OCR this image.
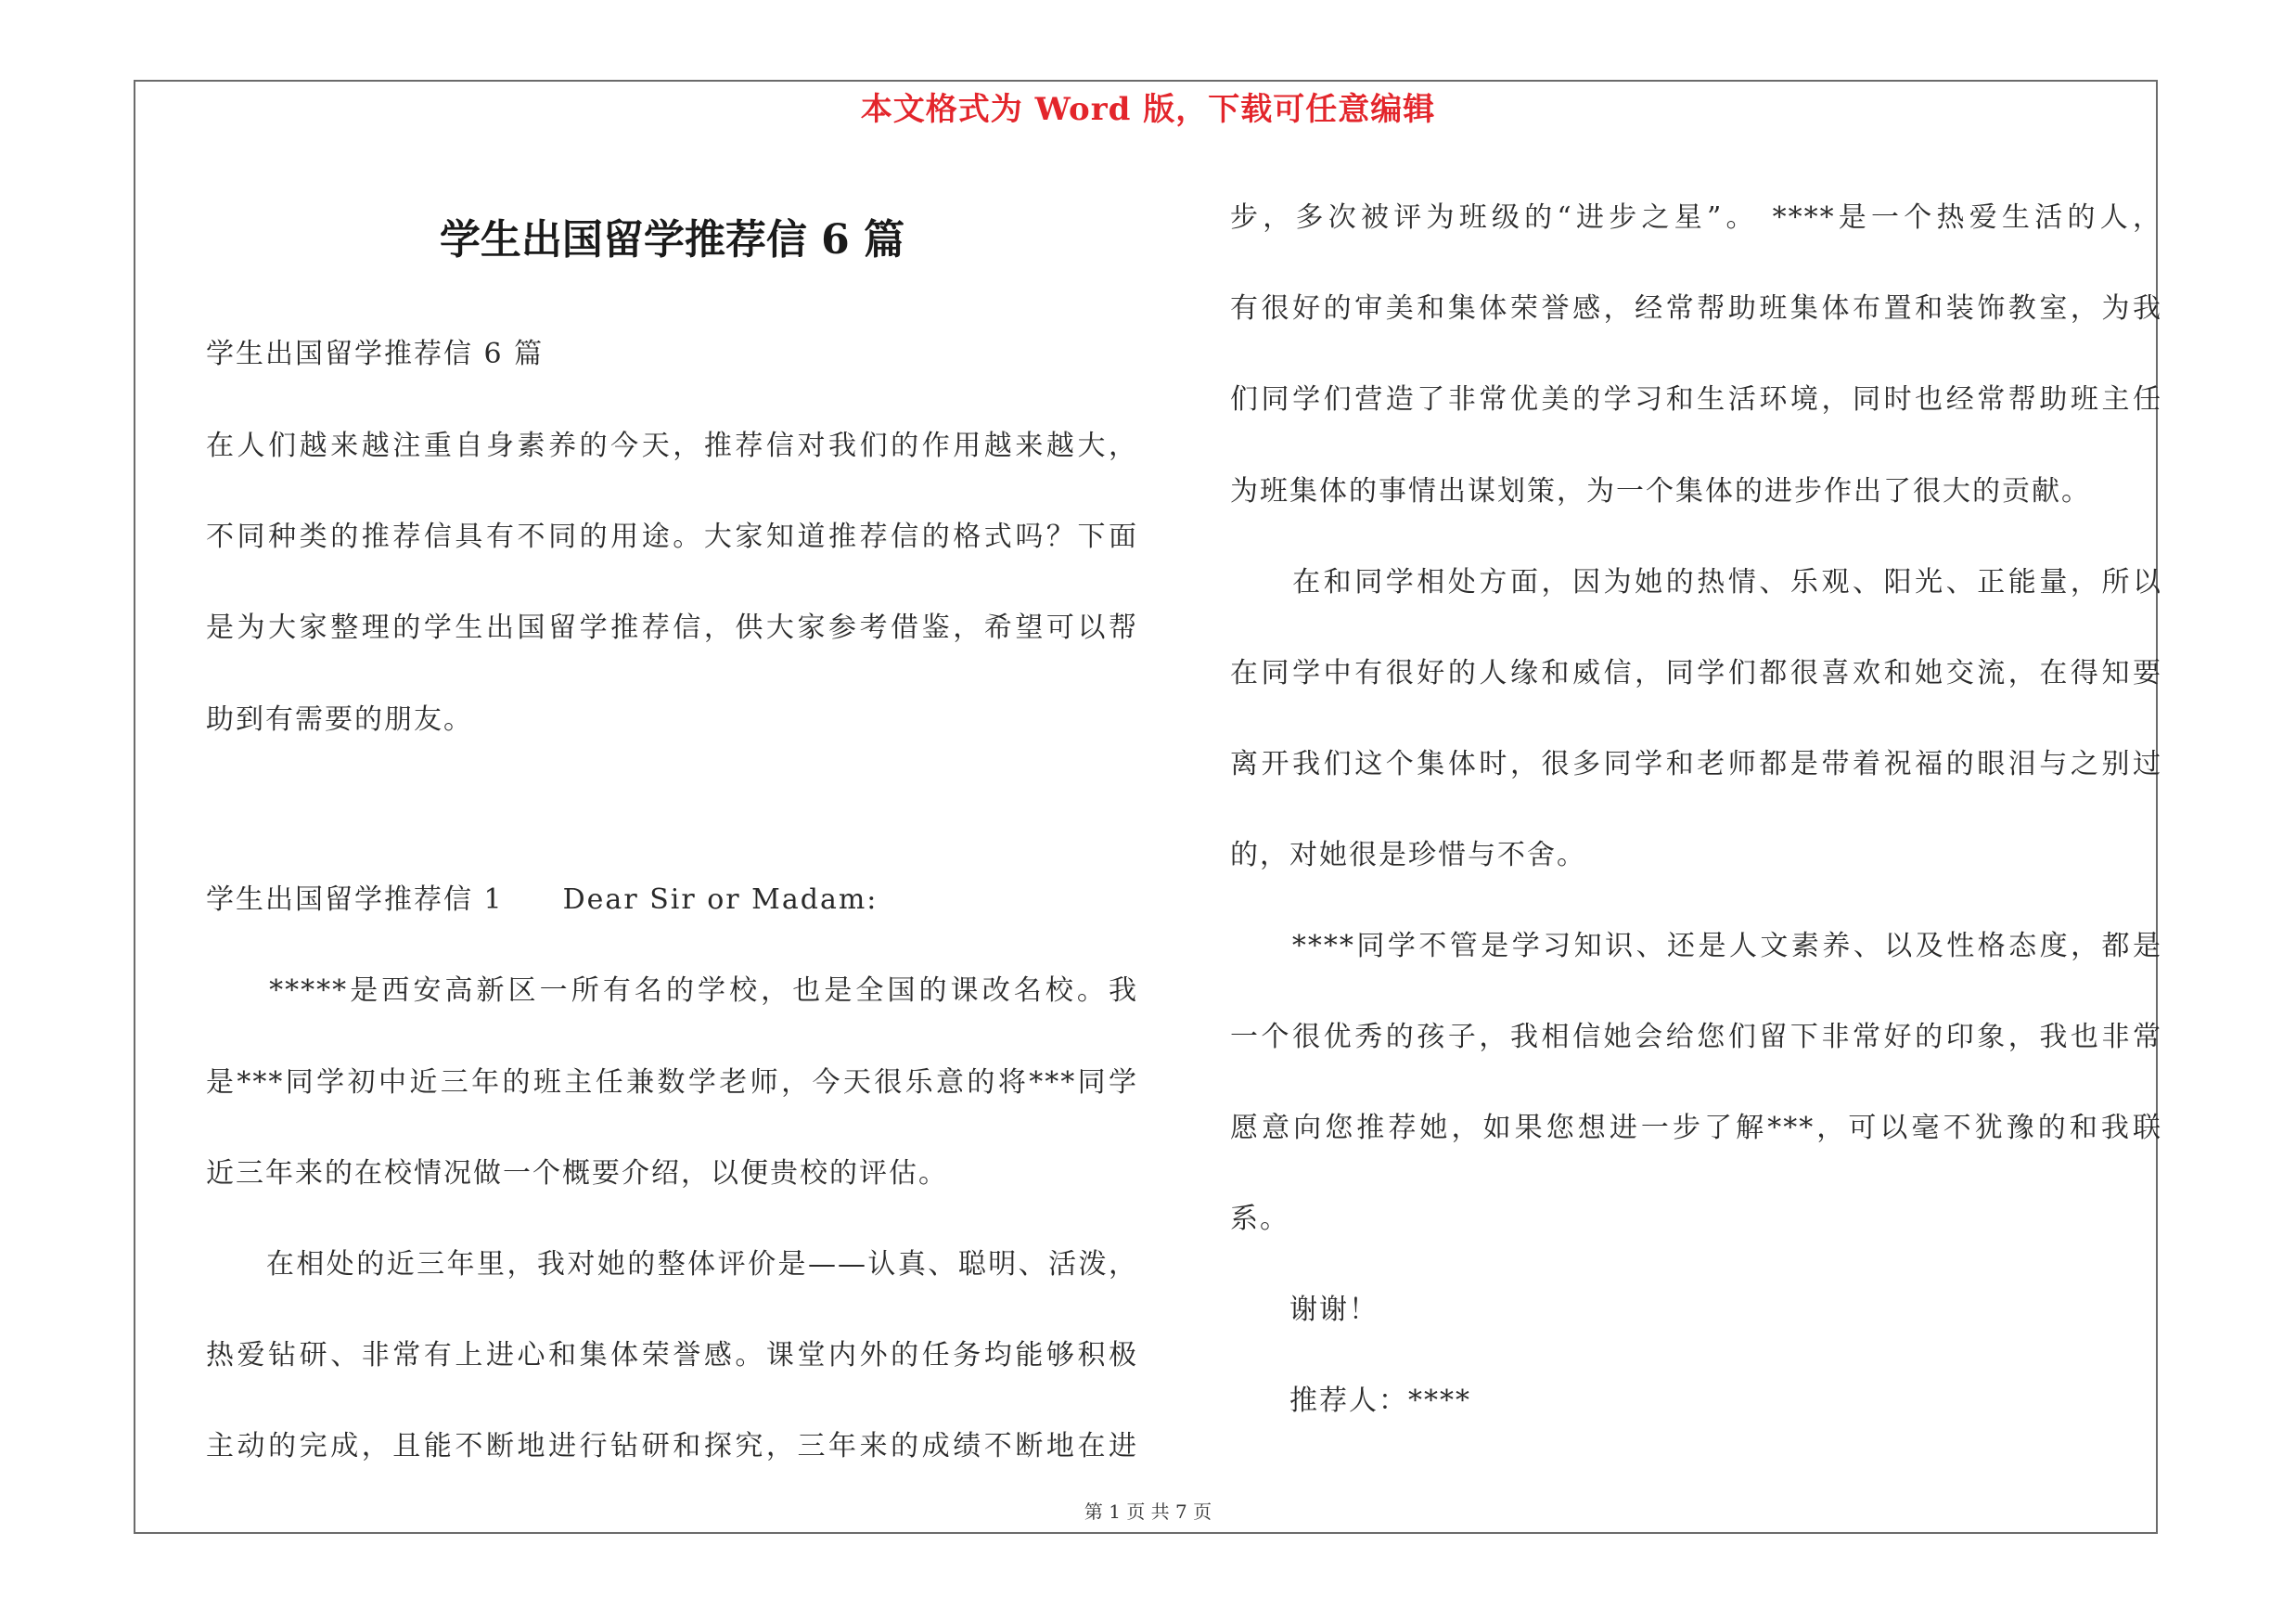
本文格式为 Word 版，下载可任意编辑
学生出国留学推荐信 6 篇
学生出国留学推荐信 6 篇
在人们越来越注重自身素养的今天，推荐信对我们的作用越来越大，
不同种类的推荐信具有不同的用途。大家知道推荐信的格式吗？下面
是为大家整理的学生出国留学推荐信，供大家参考借鉴，希望可以帮
助到有需要的朋友。
学生出国留学推荐信 1　　Dear Sir or Madam:
　　*****是西安高新区一所有名的学校，也是全国的课改名校。我
是***同学初中近三年的班主任兼数学老师，今天很乐意的将***同学
近三年来的在校情况做一个概要介绍，以便贵校的评估。
　　在相处的近三年里，我对她的整体评价是——认真、聪明、活泼，
热爱钻研、非常有上进心和集体荣誉感。课堂内外的任务均能够积极
主动的完成，且能不断地进行钻研和探究，三年来的成绩不断地在进
步，多次被评为班级的“进步之星”。 ****是一个热爱生活的人，
有很好的审美和集体荣誉感，经常帮助班集体布置和装饰教室，为我
们同学们营造了非常优美的学习和生活环境，同时也经常帮助班主任
为班集体的事情出谋划策，为一个集体的进步作出了很大的贡献。
　　在和同学相处方面，因为她的热情、乐观、阳光、正能量，所以
在同学中有很好的人缘和威信，同学们都很喜欢和她交流，在得知要
离开我们这个集体时，很多同学和老师都是带着祝福的眼泪与之别过
的，对她很是珍惜与不舍。
　　****同学不管是学习知识、还是人文素养、以及性格态度，都是
一个很优秀的孩子，我相信她会给您们留下非常好的印象，我也非常
愿意向您推荐她，如果您想进一步了解***，可以毫不犹豫的和我联
系。
　　谢谢！
　　推荐人：****
第 1 页 共 7 页
